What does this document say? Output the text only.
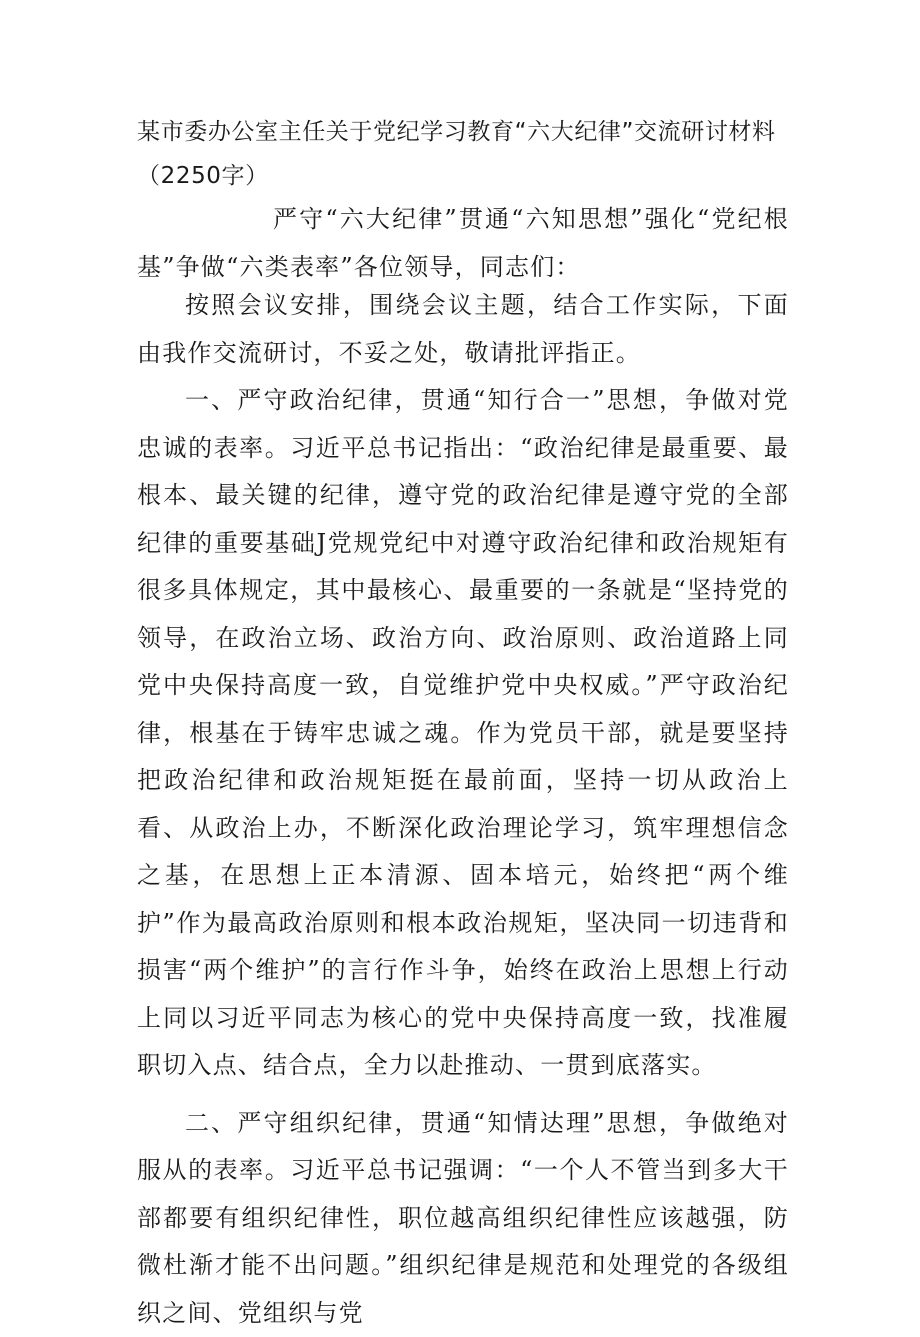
某市委办公室主任关于党纪学习教育“六大纪律”交流研讨材料（2250字）
严守“六大纪律”贯通“六知思想”强化“党纪根基”争做“六类表率”各位领导，同志们：

按照会议安排，围绕会议主题，结合工作实际，下面由我作交流研讨，不妥之处，敬请批评指正。

一、严守政治纪律，贯通“知行合一”思想，争做对党忠诚的表率。习近平总书记指出：“政治纪律是最重要、最根本、最关键的纪律，遵守党的政治纪律是遵守党的全部纪律的重要基础J党规党纪中对遵守政治纪律和政治规矩有很多具体规定，其中最核心、最重要的一条就是“坚持党的领导，在政治立场、政治方向、政治原则、政治道路上同党中央保持高度一致，自觉维护党中央权威。”严守政治纪律，根基在于铸牢忠诚之魂。作为党员干部，就是要坚持把政治纪律和政治规矩挺在最前面，坚持一切从政治上看、从政治上办，不断深化政治理论学习，筑牢理想信念之基，在思想上正本清源、固本培元，始终把“两个维护”作为最高政治原则和根本政治规矩，坚决同一切违背和损害“两个维护”的言行作斗争，始终在政治上思想上行动上同以习近平同志为核心的党中央保持高度一致，找准履职切入点、结合点，全力以赴推动、一贯到底落实。

二、严守组织纪律，贯通“知情达理”思想，争做绝对服从的表率。习近平总书记强调：“一个人不管当到多大干部都要有组织纪律性，职位越高组织纪律性应该越强，防微杜渐才能不出问题。”组织纪律是规范和处理党的各级组织之间、党组织与党
